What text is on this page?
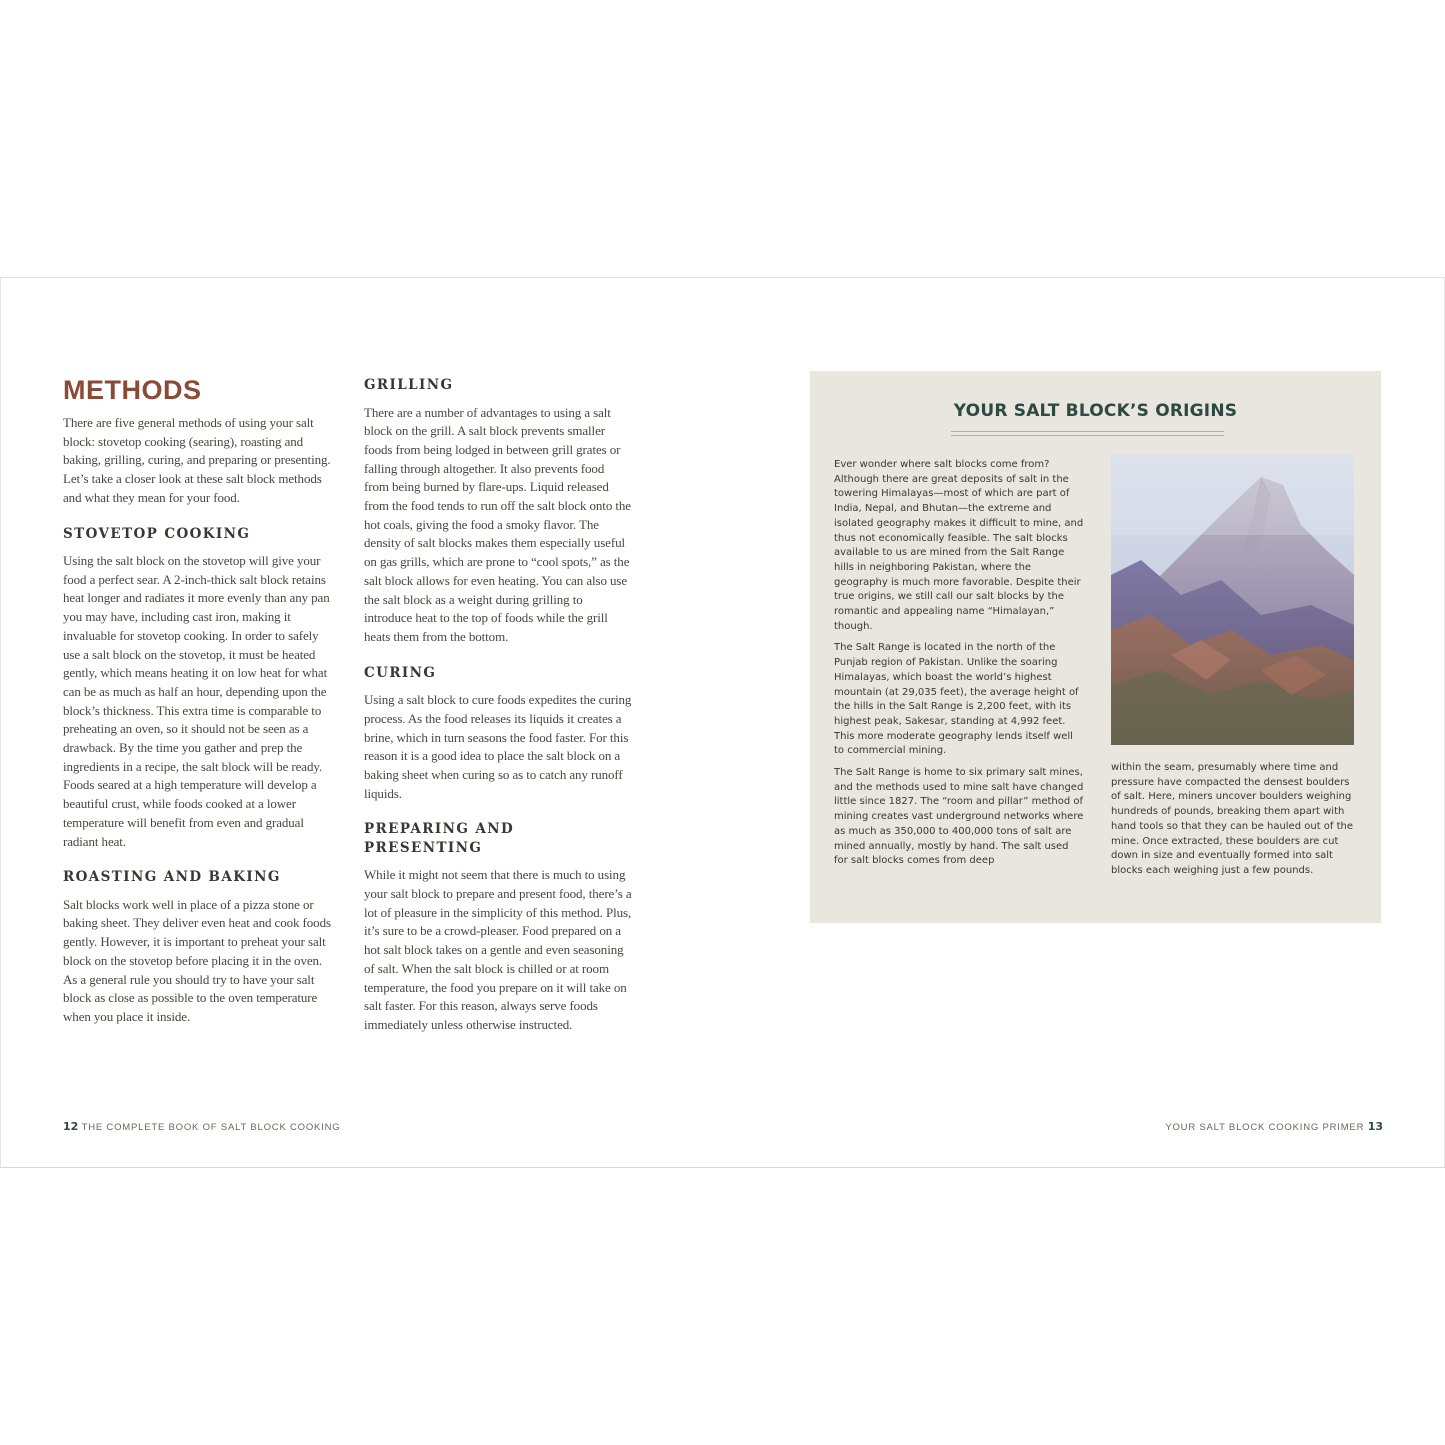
METHODS

There are five general methods of using your salt block: stovetop cooking (searing), roasting and baking, grilling, curing, and preparing or presenting. Let’s take a closer look at these salt block methods and what they mean for your food.

STOVETOP COOKING

Using the salt block on the stovetop will give your food a perfect sear. A 2-inch-thick salt block retains heat longer and radiates it more evenly than any pan you may have, including cast iron, making it invaluable for stovetop cooking. In order to safely use a salt block on the stovetop, it must be heated gently, which means heating it on low heat for what can be as much as half an hour, depending upon the block’s thickness. This extra time is comparable to preheating an oven, so it should not be seen as a drawback. By the time you gather and prep the ingredients in a recipe, the salt block will be ready. Foods seared at a high temperature will develop a beautiful crust, while foods cooked at a lower temperature will benefit from even and gradual radiant heat.

ROASTING AND BAKING

Salt blocks work well in place of a pizza stone or baking sheet. They deliver even heat and cook foods gently. However, it is important to preheat your salt block on the stovetop before placing it in the oven. As a general rule you should try to have your salt block as close as possible to the oven temperature when you place it inside.

GRILLING

There are a number of advantages to using a salt block on the grill. A salt block prevents smaller foods from being lodged in between grill grates or falling through altogether. It also prevents food from being burned by flare-ups. Liquid released from the food tends to run off the salt block onto the hot coals, giving the food a smoky flavor. The density of salt blocks makes them especially useful on gas grills, which are prone to “cool spots,” as the salt block allows for even heating. You can also use the salt block as a weight during grilling to introduce heat to the top of foods while the grill heats them from the bottom.

CURING

Using a salt block to cure foods expedites the curing process. As the food releases its liquids it creates a brine, which in turn seasons the food faster. For this reason it is a good idea to place the salt block on a baking sheet when curing so as to catch any runoff liquids.

PREPARING AND PRESENTING

While it might not seem that there is much to using your salt block to prepare and present food, there’s a lot of pleasure in the simplicity of this method. Plus, it’s sure to be a crowd-pleaser. Food prepared on a hot salt block takes on a gentle and even seasoning of salt. When the salt block is chilled or at room temperature, the food you prepare on it will take on salt faster. For this reason, always serve foods immediately unless otherwise instructed.

YOUR SALT BLOCK’S ORIGINS

Ever wonder where salt blocks come from? Although there are great deposits of salt in the towering Himalayas—most of which are part of India, Nepal, and Bhutan—the extreme and isolated geography makes it difficult to mine, and thus not economically feasible. The salt blocks available to us are mined from the Salt Range hills in neighboring Pakistan, where the geography is much more favorable. Despite their true origins, we still call our salt blocks by the romantic and appealing name “Himalayan,” though.

The Salt Range is located in the north of the Punjab region of Pakistan. Unlike the soaring Himalayas, which boast the world’s highest mountain (at 29,035 feet), the average height of the hills in the Salt Range is 2,200 feet, with its highest peak, Sakesar, standing at 4,992 feet. This more moderate geography lends itself well to commercial mining.

The Salt Range is home to six primary salt mines, and the methods used to mine salt have changed little since 1827. The “room and pillar” method of mining creates vast underground networks where as much as 350,000 to 400,000 tons of salt are mined annually, mostly by hand. The salt used for salt blocks comes from deep

within the seam, presumably where time and pressure have compacted the densest boulders of salt. Here, miners uncover boulders weighing hundreds of pounds, breaking them apart with hand tools so that they can be hauled out of the mine. Once extracted, these boulders are cut down in size and eventually formed into salt blocks each weighing just a few pounds.

12 THE COMPLETE BOOK OF SALT BLOCK COOKING	YOUR SALT BLOCK COOKING PRIMER 13
